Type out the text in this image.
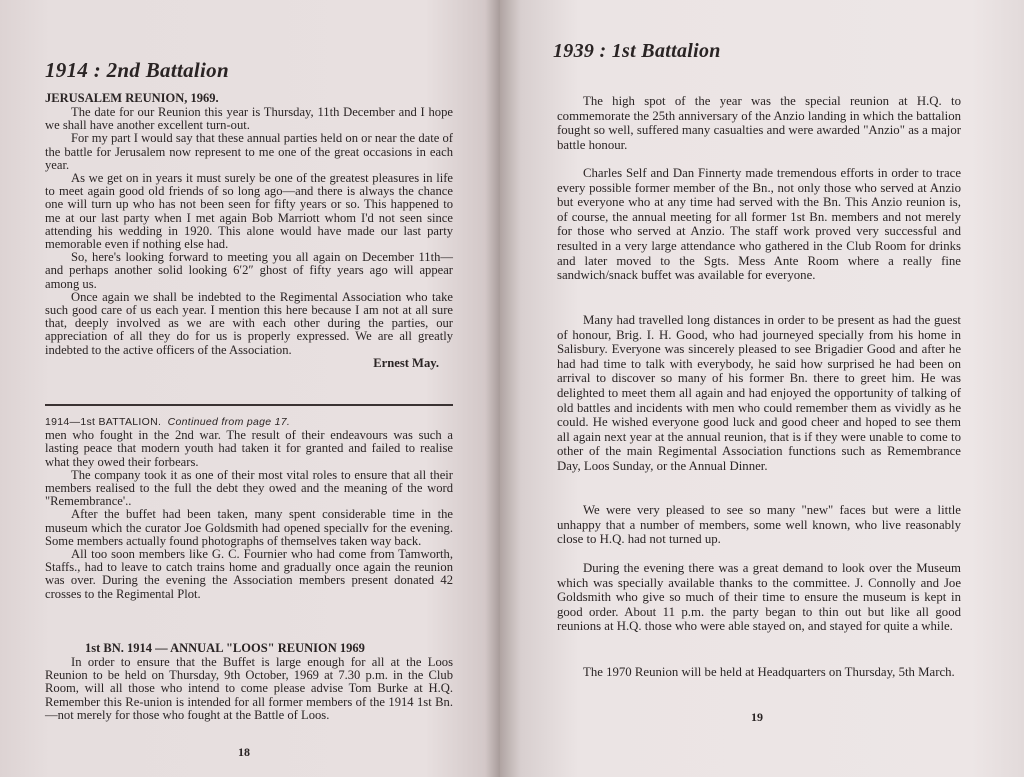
1914 : 2nd Battalion
JERUSALEM REUNION, 1969.

The date for our Reunion this year is Thursday, 11th December and I hope we shall have another excellent turn-out.

For my part I would say that these annual parties held on or near the date of the battle for Jerusalem now represent to me one of the great occasions in each year.

As we get on in years it must surely be one of the greatest pleasures in life to meet again good old friends of so long ago—and there is always the chance one will turn up who has not been seen for fifty years or so. This happened to me at our last party when I met again Bob Marriott whom I'd not seen since attending his wedding in 1920. This alone would have made our last party memorable even if nothing else had.

So, here's looking forward to meeting you all again on December 11th—and perhaps another solid looking 6′2″ ghost of fifty years ago will appear among us.

Once again we shall be indebted to the Regimental Association who take such good care of us each year. I mention this here because I am not at all sure that, deeply involved as we are with each other during the parties, our appreciation of all they do for us is properly expressed. We are all greatly indebted to the active officers of the Association.

Ernest May.

1914—1st BATTALION. Continued from page 17.

men who fought in the 2nd war. The result of their endeavours was such a lasting peace that modern youth had taken it for granted and failed to realise what they owed their forbears.

The company took it as one of their most vital roles to ensure that all their members realised to the full the debt they owed and the meaning of the word "Remembrance'..

After the buffet had been taken, many spent considerable time in the museum which the curator Joe Goldsmith had opened speciallv for the evening. Some members actually found photographs of themselves taken way back.

All too soon members like G. C. Fournier who had come from Tamworth, Staffs., had to leave to catch trains home and gradually once again the reunion was over. During the evening the Association members present donated 42 crosses to the Regimental Plot.

1st BN. 1914 — ANNUAL "LOOS" REUNION 1969

In order to ensure that the Buffet is large enough for all at the Loos Reunion to be held on Thursday, 9th October, 1969 at 7.30 p.m. in the Club Room, will all those who intend to come please advise Tom Burke at H.Q. Remember this Re-union is intended for all former members of the 1914 1st Bn.—not merely for those who fought at the Battle of Loos.

18
1939 : 1st Battalion

The high spot of the year was the special reunion at H.Q. to commemorate the 25th anniversary of the Anzio landing in which the battalion fought so well, suffered many casualties and were awarded "Anzio" as a major battle honour.

Charles Self and Dan Finnerty made tremendous efforts in order to trace every possible former member of the Bn., not only those who served at Anzio but everyone who at any time had served with the Bn. This Anzio reunion is, of course, the annual meeting for all former 1st Bn. members and not merely for those who served at Anzio. The staff work proved very successful and resulted in a very large attendance who gathered in the Club Room for drinks and later moved to the Sgts. Mess Ante Room where a really fine sandwich/snack buffet was available for everyone.

Many had travelled long distances in order to be present as had the guest of honour, Brig. I. H. Good, who had journeyed specially from his home in Salisbury. Everyone was sincerely pleased to see Brigadier Good and after he had had time to talk with everybody, he said how surprised he had been on arrival to discover so many of his former Bn. there to greet him. He was delighted to meet them all again and had enjoyed the opportunity of talking of old battles and incidents with men who could remember them as vividly as he could. He wished everyone good luck and good cheer and hoped to see them all again next year at the annual reunion, that is if they were unable to come to other of the main Regimental Association functions such as Remembrance Day, Loos Sunday, or the Annual Dinner.

We were very pleased to see so many "new" faces but were a little unhappy that a number of members, some well known, who live reasonably close to H.Q. had not turned up.

During the evening there was a great demand to look over the Museum which was specially available thanks to the committee. J. Connolly and Joe Goldsmith who give so much of their time to ensure the museum is kept in good order. About 11 p.m. the party began to thin out but like all good reunions at H.Q. those who were able stayed on, and stayed for quite a while.

The 1970 Reunion will be held at Headquarters on Thursday, 5th March.

19
